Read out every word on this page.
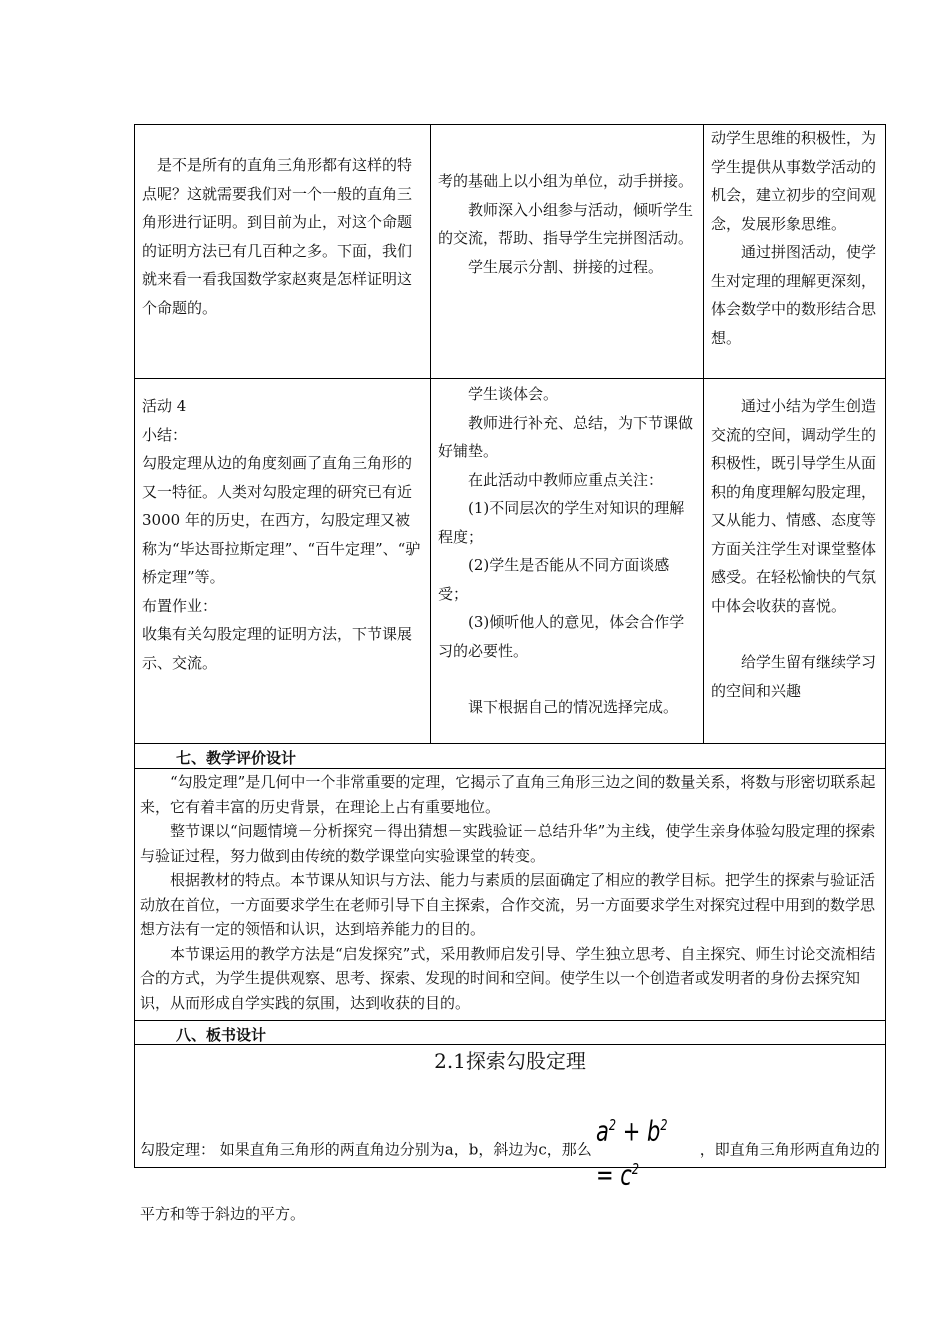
是不是所有的直角三角形都有这样的特点呢？这就需要我们对一个一般的直角三角形进行证明。到目前为止，对这个命题的证明方法已有几百种之多。下面，我们就来看一看我国数学家赵爽是怎样证明这个命题的。

考的基础上以小组为单位，动手拼接。

教师深入小组参与活动，倾听学生的交流，帮助、指导学生完拼图活动。

学生展示分割、拼接的过程。

动学生思维的积极性，为学生提供从事数学活动的机会，建立初步的空间观念，发展形象思维。

通过拼图活动，使学生对定理的理解更深刻，体会数学中的数形结合思想。

活动 4

小结：

勾股定理从边的角度刻画了直角三角形的又一特征。人类对勾股定理的研究已有近 3000 年的历史，在西方，勾股定理又被称为“毕达哥拉斯定理”、“百牛定理”、“驴桥定理”等。

布置作业：

收集有关勾股定理的证明方法，下节课展示、交流。

学生谈体会。

教师进行补充、总结，为下节课做好铺垫。

在此活动中教师应重点关注：

(1)不同层次的学生对知识的理解程度；

(2)学生是否能从不同方面谈感受；

(3)倾听他人的意见，体会合作学习的必要性。

课下根据自己的情况选择完成。

通过小结为学生创造交流的空间，调动学生的积极性，既引导学生从面积的角度理解勾股定理，又从能力、情感、态度等方面关注学生对课堂整体感受。在轻松愉快的气氛中体会收获的喜悦。

给学生留有继续学习的空间和兴趣

七、教学评价设计

“勾股定理”是几何中一个非常重要的定理，它揭示了直角三角形三边之间的数量关系，将数与形密切联系起来，它有着丰富的历史背景，在理论上占有重要地位。

整节课以“问题情境－分析探究－得出猜想－实践验证－总结升华”为主线，使学生亲身体验勾股定理的探索与验证过程，努力做到由传统的数学课堂向实验课堂的转变。

根据教材的特点。本节课从知识与方法、能力与素质的层面确定了相应的教学目标。把学生的探索与验证活动放在首位，一方面要求学生在老师引导下自主探索，合作交流，另一方面要求学生对探究过程中用到的数学思想方法有一定的领悟和认识，达到培养能力的目的。

本节课运用的教学方法是“启发探究”式，采用教师启发引导、学生独立思考、自主探究、师生讨论交流相结合的方式，为学生提供观察、思考、探索、发现的时间和空间。使学生以一个创造者或发明者的身份去探究知识，从而形成自学实践的氛围，达到收获的目的。

八、板书设计
2.1探索勾股定理
勾股定理： 如果直角三角形的两直角边分别为a，b，斜边为c，那么$a^2 + b^2 = c^2$，即直角三角形两直角边的平方和等于斜边的平方。
